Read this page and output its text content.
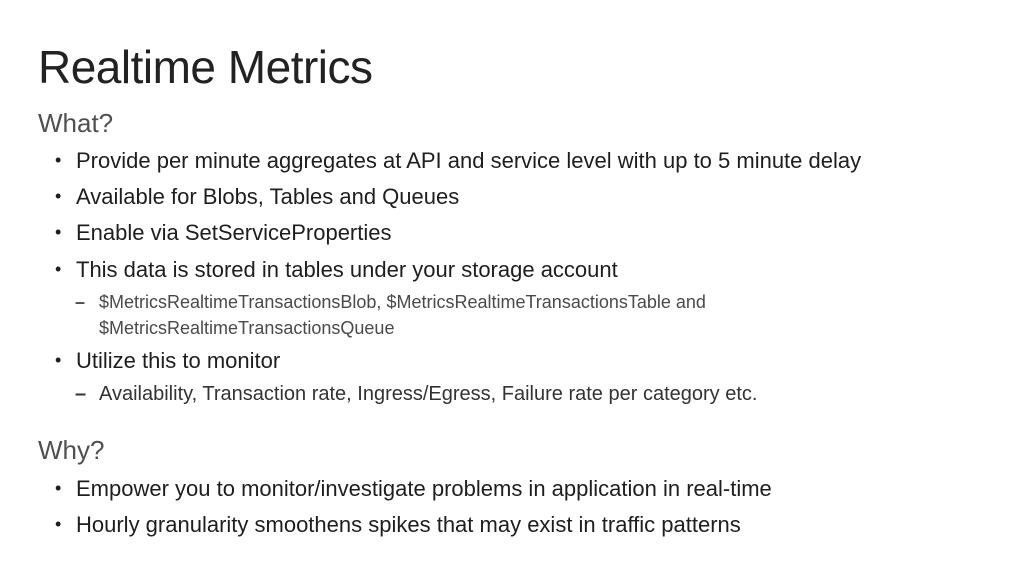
Realtime Metrics
What?
• Provide per minute aggregates at API and service level with up to 5 minute delay
• Available for Blobs, Tables and Queues
• Enable via SetServiceProperties
• This data is stored in tables under your storage account
– $MetricsRealtimeTransactionsBlob, $MetricsRealtimeTransactionsTable and
$MetricsRealtimeTransactionsQueue
• Utilize this to monitor
– Availability, Transaction rate, Ingress/Egress, Failure rate per category etc.
Why?
• Empower you to monitor/investigate problems in application in real-time
• Hourly granularity smoothens spikes that may exist in traffic patterns
